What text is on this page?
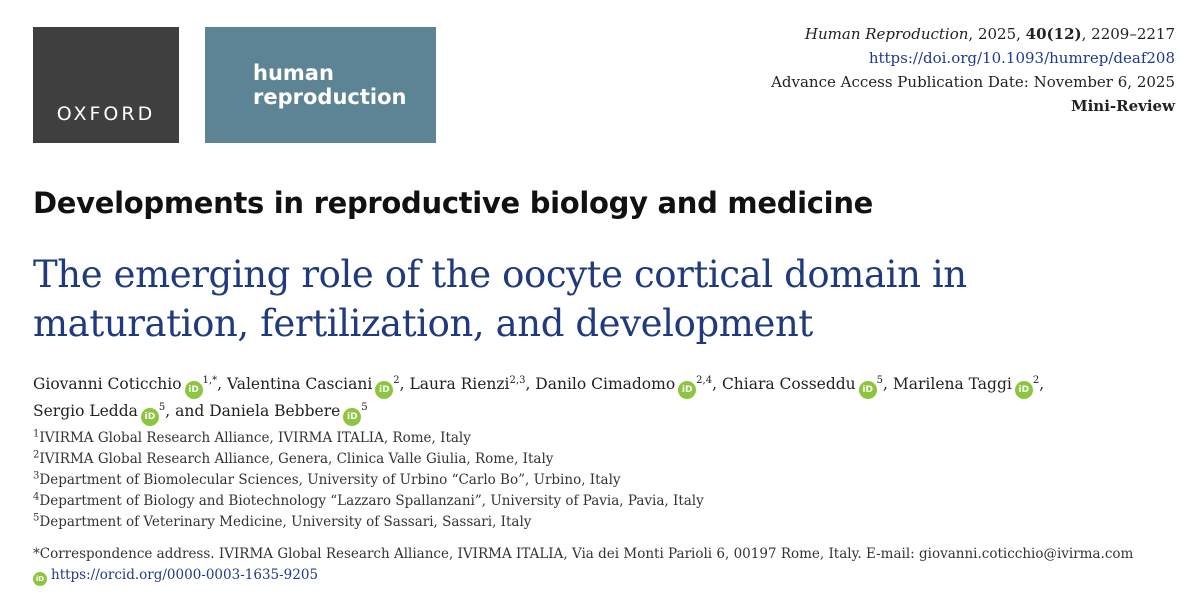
OXFORD
human
reproduction
Human Reproduction, 2025, 40(12), 2209–2217
https://doi.org/10.1093/humrep/deaf208
Advance Access Publication Date: November 6, 2025
Mini-Review
Developments in reproductive biology and medicine
The emerging role of the oocyte cortical domain in maturation, fertilization, and development
Giovanni Coticchio $iD^{1,*}$, Valentina Casciani $iD^2$, Laura Rienzi$^{2,3}$, Danilo Cimadomo iD$^{2,4}$, Chiara Cosseddu $iD^5$, Marilena Taggi $iD^2$,
Sergio Ledda $iD^5$, and Daniela Bebbere $iD^5$
$^1$IVIRMA Global Research Alliance, IVIRMA ITALIA, Rome, Italy
$^2$IVIRMA Global Research Alliance, Genera, Clinica Valle Giulia, Rome, Italy
$^3$Department of Biomolecular Sciences, University of Urbino “Carlo Bo”, Urbino, Italy
$^4$Department of Biology and Biotechnology “Lazzaro Spallanzani”, University of Pavia, Pavia, Italy
$^5$Department of Veterinary Medicine, University of Sassari, Sassari, Italy
*Correspondence address. IVIRMA Global Research Alliance, IVIRMA ITALIA, Via dei Monti Parioli 6, 00197 Rome, Italy. E-mail: giovanni.coticchio@ivirma.com
iD https://orcid.org/0000-0003-1635-9205
